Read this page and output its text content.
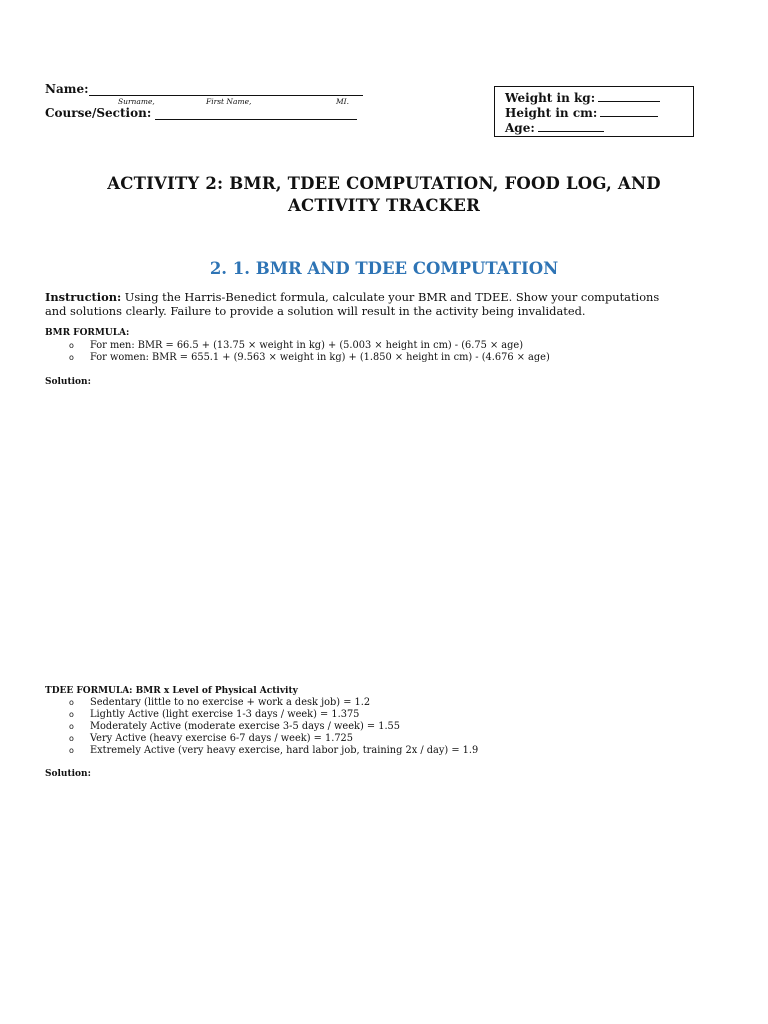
Name:
Surname,	First Name,	MI.
Course/Section:
Weight in kg:
Height in cm:
Age:
ACTIVITY 2: BMR, TDEE COMPUTATION, FOOD LOG, AND
ACTIVITY TRACKER
2. 1. BMR AND TDEE COMPUTATION
Instruction: Using the Harris-Benedict formula, calculate your BMR and TDEE. Show your computations
and solutions clearly. Failure to provide a solution will result in the activity being invalidated.
BMR FORMULA:
o For men: BMR = 66.5 + (13.75 × weight in kg) + (5.003 × height in cm) - (6.75 × age)
o For women: BMR = 655.1 + (9.563 × weight in kg) + (1.850 × height in cm) - (4.676 × age)
Solution:
TDEE FORMULA: BMR x Level of Physical Activity
o Sedentary (little to no exercise + work a desk job) = 1.2
o Lightly Active (light exercise 1-3 days / week) = 1.375
o Moderately Active (moderate exercise 3-5 days / week) = 1.55
o Very Active (heavy exercise 6-7 days / week) = 1.725
o Extremely Active (very heavy exercise, hard labor job, training 2x / day) = 1.9
Solution:
